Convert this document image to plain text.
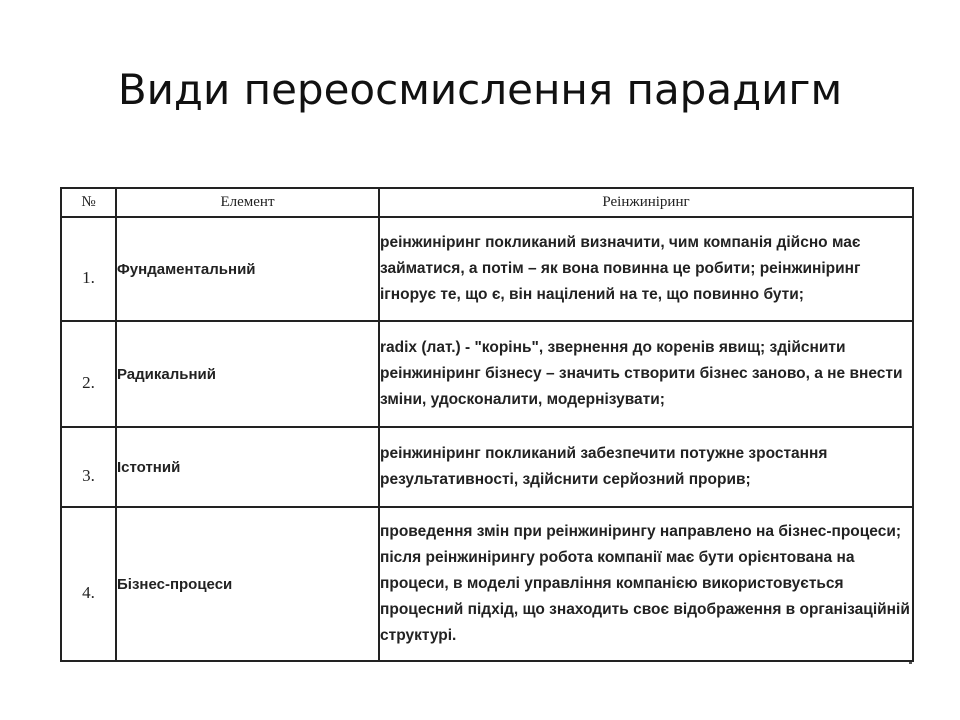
Види переосмислення парадигм
№	Елемент	Реінжиніринг
1.	Фундаментальний	реінжиніринг покликаний визначити, чим компанія дійсно має займатися, а потім – як вона повинна це робити; реінжиніринг ігнорує те, що є, він націлений на те, що повинно бути;
2.	Радикальний	radix (лат.) - "корінь", звернення до коренів явищ; здійснити реінжиніринг бізнесу – значить створити бізнес заново, а не внести зміни, удосконалити, модернізувати;
3.	Істотний	реінжиніринг покликаний забезпечити потужне зростання результативності, здійснити серйозний прорив;
4.	Бізнес-процеси	проведення змін при реінжинірингу направлено на бізнес-процеси; після реінжинірингу робота компанії має бути орієнтована на процеси, в моделі управління компанією використовується процесний підхід, що знаходить своє відображення в організаційній структурі.
